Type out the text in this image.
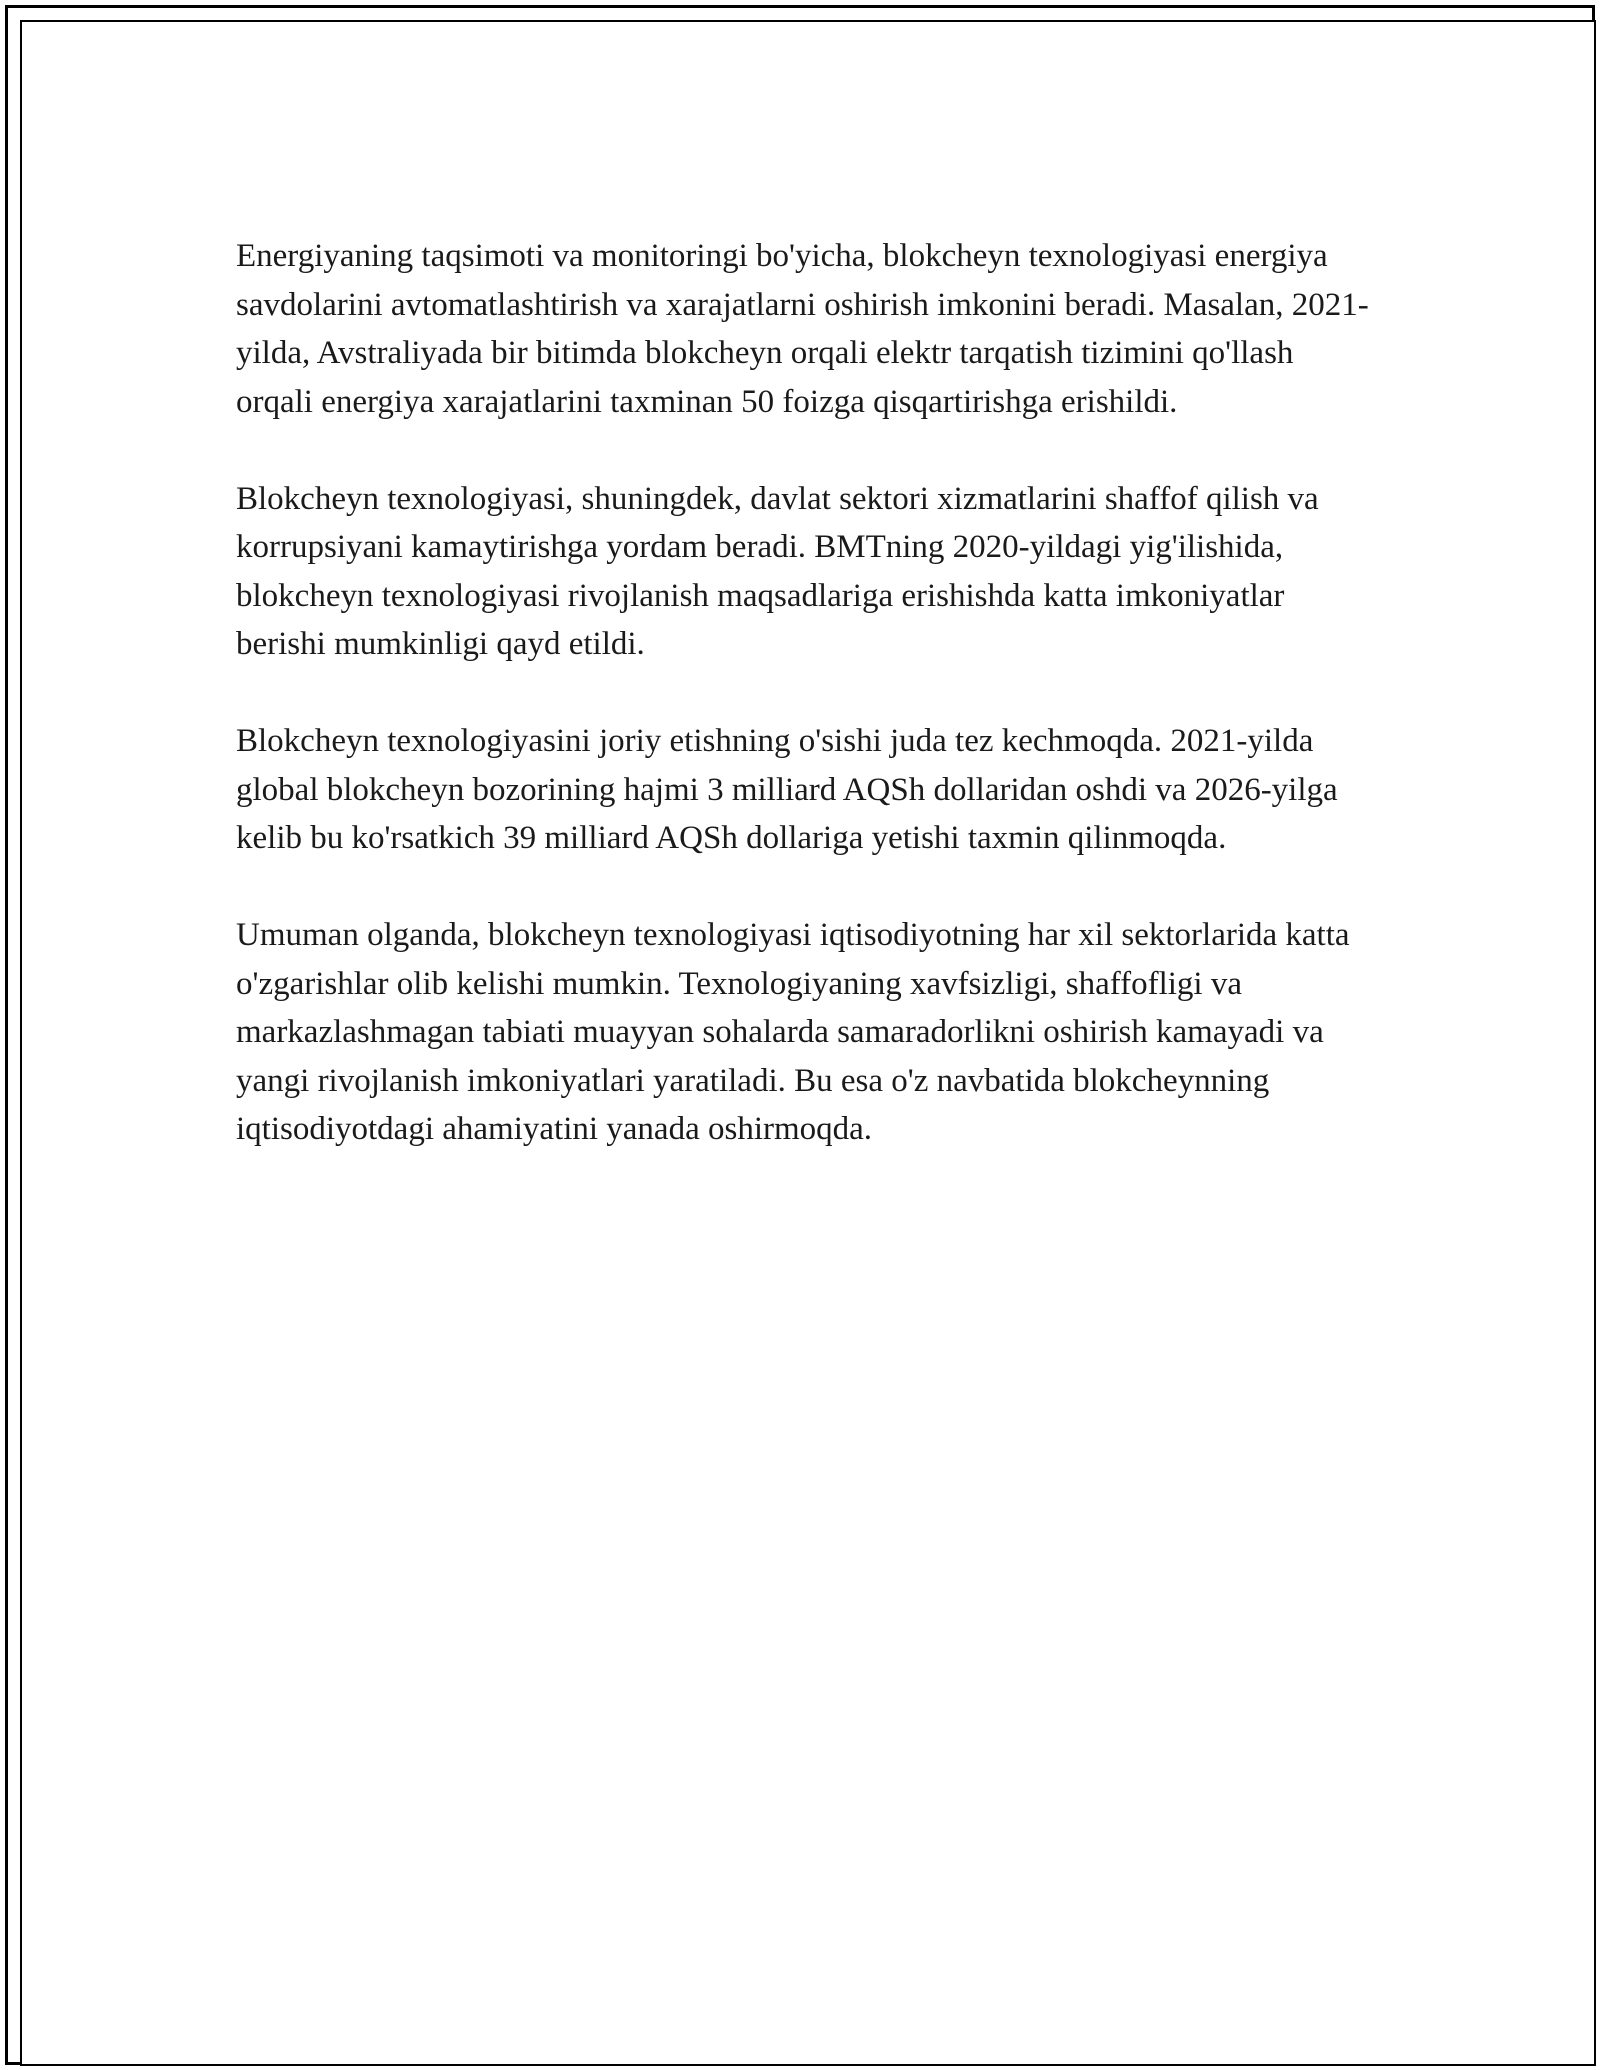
Energiyaning taqsimoti va monitoringi bo'yicha, blokcheyn texnologiyasi energiya savdolarini avtomatlashtirish va xarajatlarni oshirish imkonini beradi. Masalan, 2021-yilda, Avstraliyada bir bitimda blokcheyn orqali elektr tarqatish tizimini qo'llash orqali energiya xarajatlarini taxminan 50 foizga qisqartirishga erishildi.

Blokcheyn texnologiyasi, shuningdek, davlat sektori xizmatlarini shaffof qilish va korrupsiyani kamaytirishga yordam beradi. BMTning 2020-yildagi yig'ilishida, blokcheyn texnologiyasi rivojlanish maqsadlariga erishishda katta imkoniyatlar berishi mumkinligi qayd etildi.

Blokcheyn texnologiyasini joriy etishning o'sishi juda tez kechmoqda. 2021-yilda global blokcheyn bozorining hajmi 3 milliard AQSh dollaridan oshdi va 2026-yilga kelib bu ko'rsatkich 39 milliard AQSh dollariga yetishi taxmin qilinmoqda.

Umuman olganda, blokcheyn texnologiyasi iqtisodiyotning har xil sektorlarida katta o'zgarishlar olib kelishi mumkin. Texnologiyaning xavfsizligi, shaffofligi va markazlashmagan tabiati muayyan sohalarda samaradorlikni oshirish kamayadi va yangi rivojlanish imkoniyatlari yaratiladi. Bu esa o'z navbatida blokcheynning iqtisodiyotdagi ahamiyatini yanada oshirmoqda.
